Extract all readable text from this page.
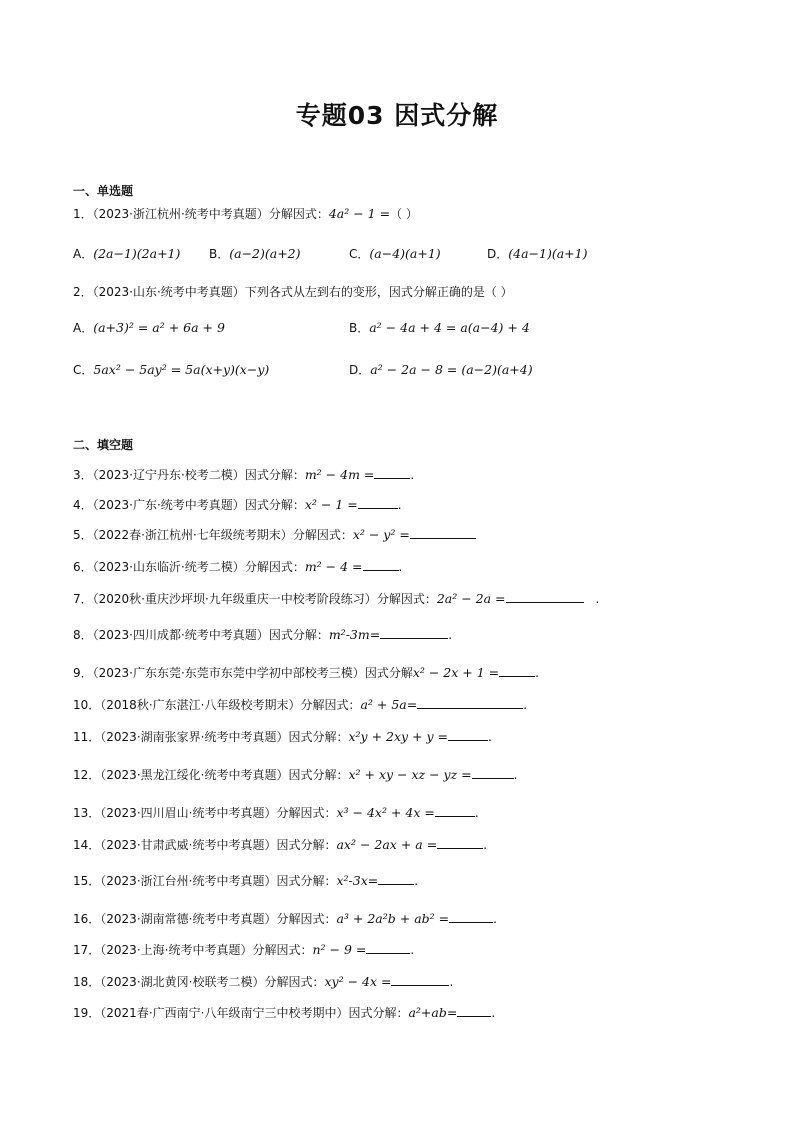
专题03 因式分解
一、单选题
1．（2023·浙江杭州·统考中考真题）分解因式：4a² − 1 =（ ）
A．(2a−1)(2a+1) B．(a−2)(a+2)	C．(a−4)(a+1)	D．(4a−1)(a+1)
2．（2023·山东·统考中考真题）下列各式从左到右的变形，因式分解正确的是（ ）
A．(a+3)² = a² + 6a + 9	B．a² − 4a + 4 = a(a−4) + 4
C．5ax² − 5ay² = 5a(x+y)(x−y)	D．a² − 2a − 8 = (a−2)(a+4)
二、填空题
3．（2023·辽宁丹东·校考二模）因式分解：m² − 4m =	.
4．（2023·广东·统考中考真题）因式分解：x² − 1 =	.
5．（2022春·浙江杭州·七年级统考期末）分解因式：x² − y² =
6．（2023·山东临沂·统考二模）分解因式：m² − 4 =	.
7．（2020秋·重庆沙坪坝·九年级重庆一中校考阶段练习）分解因式：2a² − 2a =	.
8．（2023·四川成都·统考中考真题）因式分解：m²-3m=	.
9．（2023·广东东莞·东莞市东莞中学初中部校考三模）因式分解x² − 2x + 1 =	.
10．（2018秋·广东湛江·八年级校考期末）分解因式：a² + 5a=	.
11．（2023·湖南张家界·统考中考真题）因式分解：x²y + 2xy + y =	.
12．（2023·黑龙江绥化·统考中考真题）因式分解：x² + xy − xz − yz =	.
13．（2023·四川眉山·统考中考真题）分解因式：x³ − 4x² + 4x =	.
14．（2023·甘肃武威·统考中考真题）因式分解：ax² − 2ax + a =	.
15．（2023·浙江台州·统考中考真题）因式分解：x²-3x=	.
16．（2023·湖南常德·统考中考真题）分解因式：a³ + 2a²b + ab² =	.
17．（2023·上海·统考中考真题）分解因式：n² − 9 =	.
18．（2023·湖北黄冈·校联考二模）分解因式：xy² − 4x =	.
19．（2021春·广西南宁·八年级南宁三中校考期中）因式分解：a²+ab=	.
